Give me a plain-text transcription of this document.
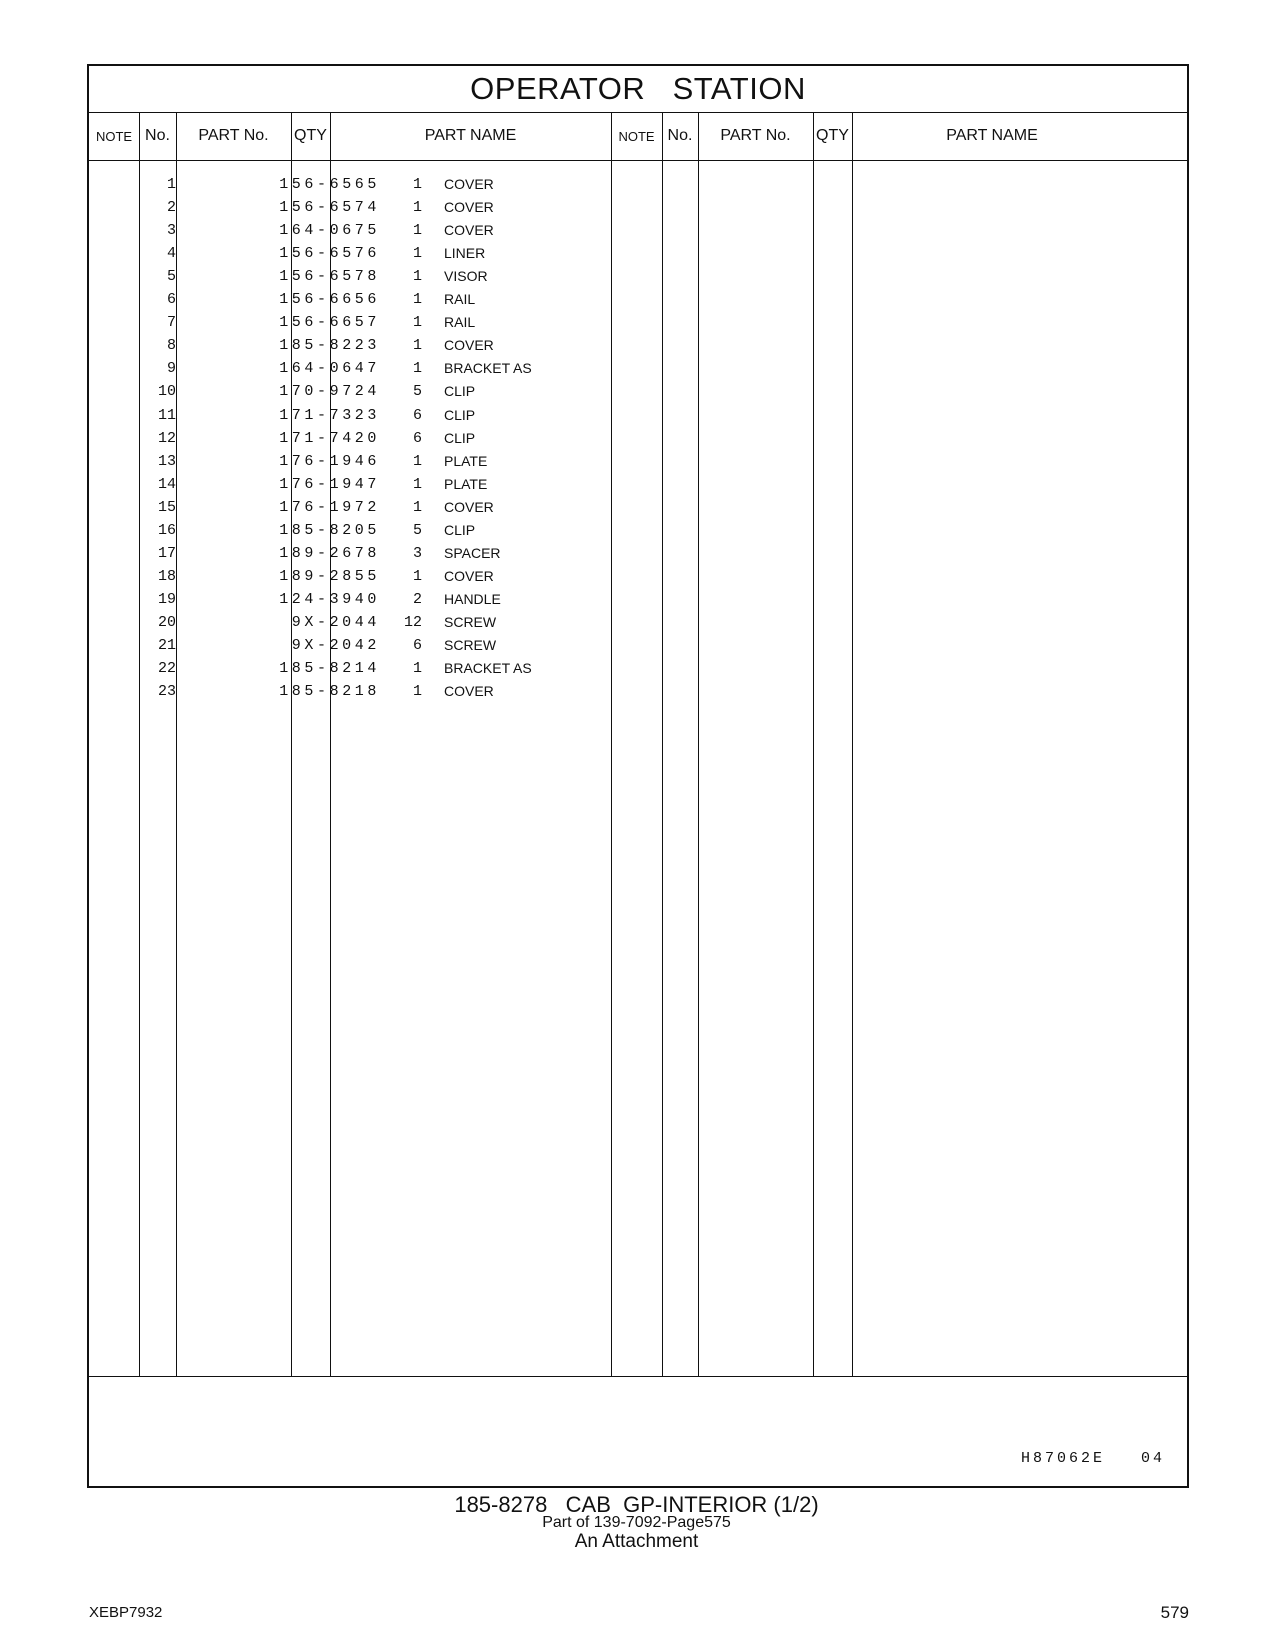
OPERATOR   STATION
NOTE No.	PART No.	QTY	PART NAME	NOTE No.	PART No.	QTY	PART NAME
1	156-6565	1	COVER
2	156-6574	1	COVER
3	164-0675	1	COVER
4	156-6576	1	LINER
5	156-6578	1	VISOR
6	156-6656	1	RAIL
7	156-6657	1	RAIL
8	185-8223	1	COVER
9	164-0647	1	BRACKET AS
10	170-9724	5	CLIP
11	171-7323	6	CLIP
12	171-7420	6	CLIP
13	176-1946	1	PLATE
14	176-1947	1	PLATE
15	176-1972	1	COVER
16	185-8205	5	CLIP
17	189-2678	3	SPACER
18	189-2855	1	COVER
19	124-3940	2	HANDLE
20	9X-2044	12	SCREW
21	9X-2042	6	SCREW
22	185-8214	1	BRACKET AS
23	185-8218	1	COVER
H87062E   04
185-8278   CAB  GP-INTERIOR (1/2)
Part of 139-7092-Page575
An Attachment
XEBP7932	579
